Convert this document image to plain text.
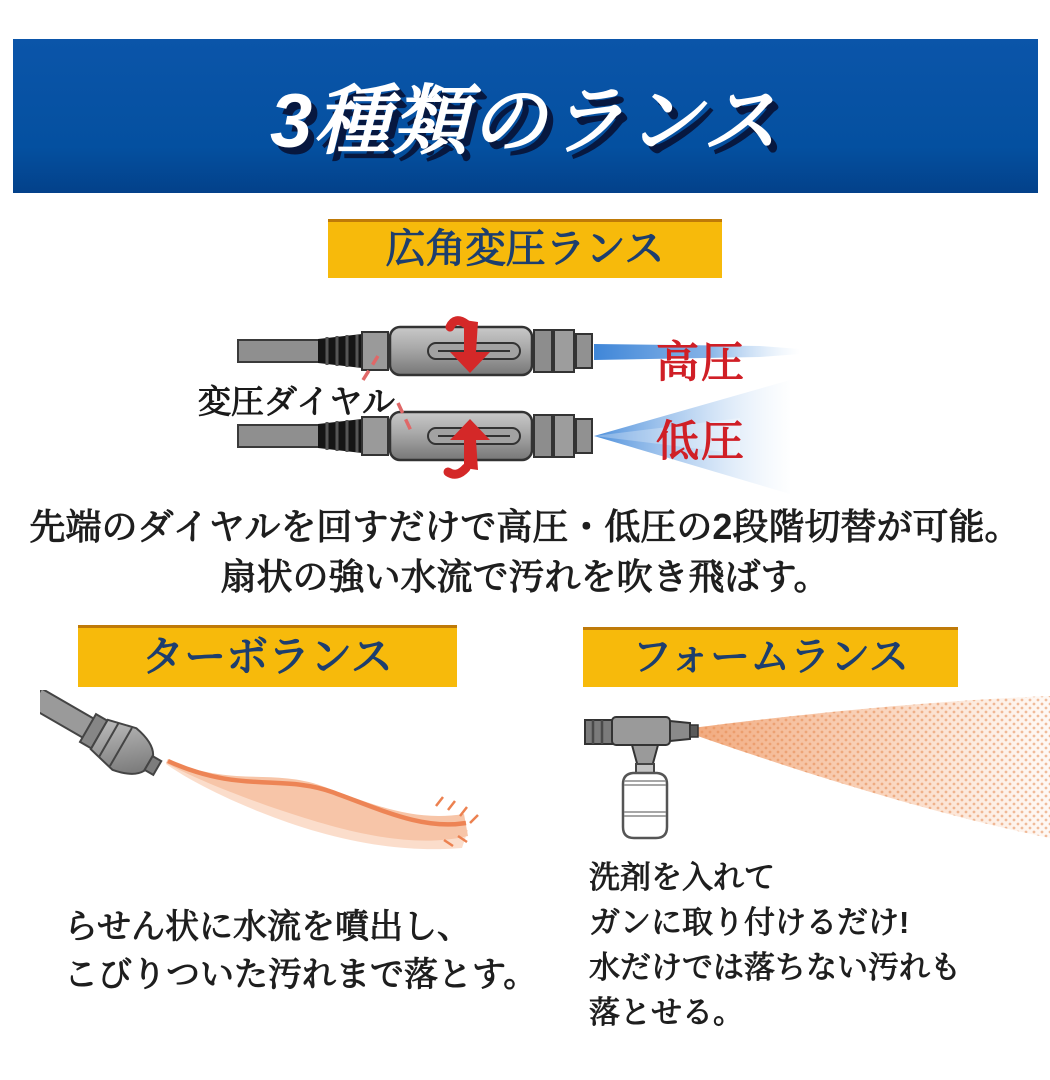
3種類のランス
広角変圧ランス
変圧ダイヤル
高圧
低圧
先端のダイヤルを回すだけで高圧・低圧の2段階切替が可能。
扇状の強い水流で汚れを吹き飛ばす。
ターボランス	フォームランス
らせん状に水流を噴出し、
こびりついた汚れまで落とす。
洗剤を入れて
ガンに取り付けるだけ!
水だけでは落ちない汚れも
落とせる。
